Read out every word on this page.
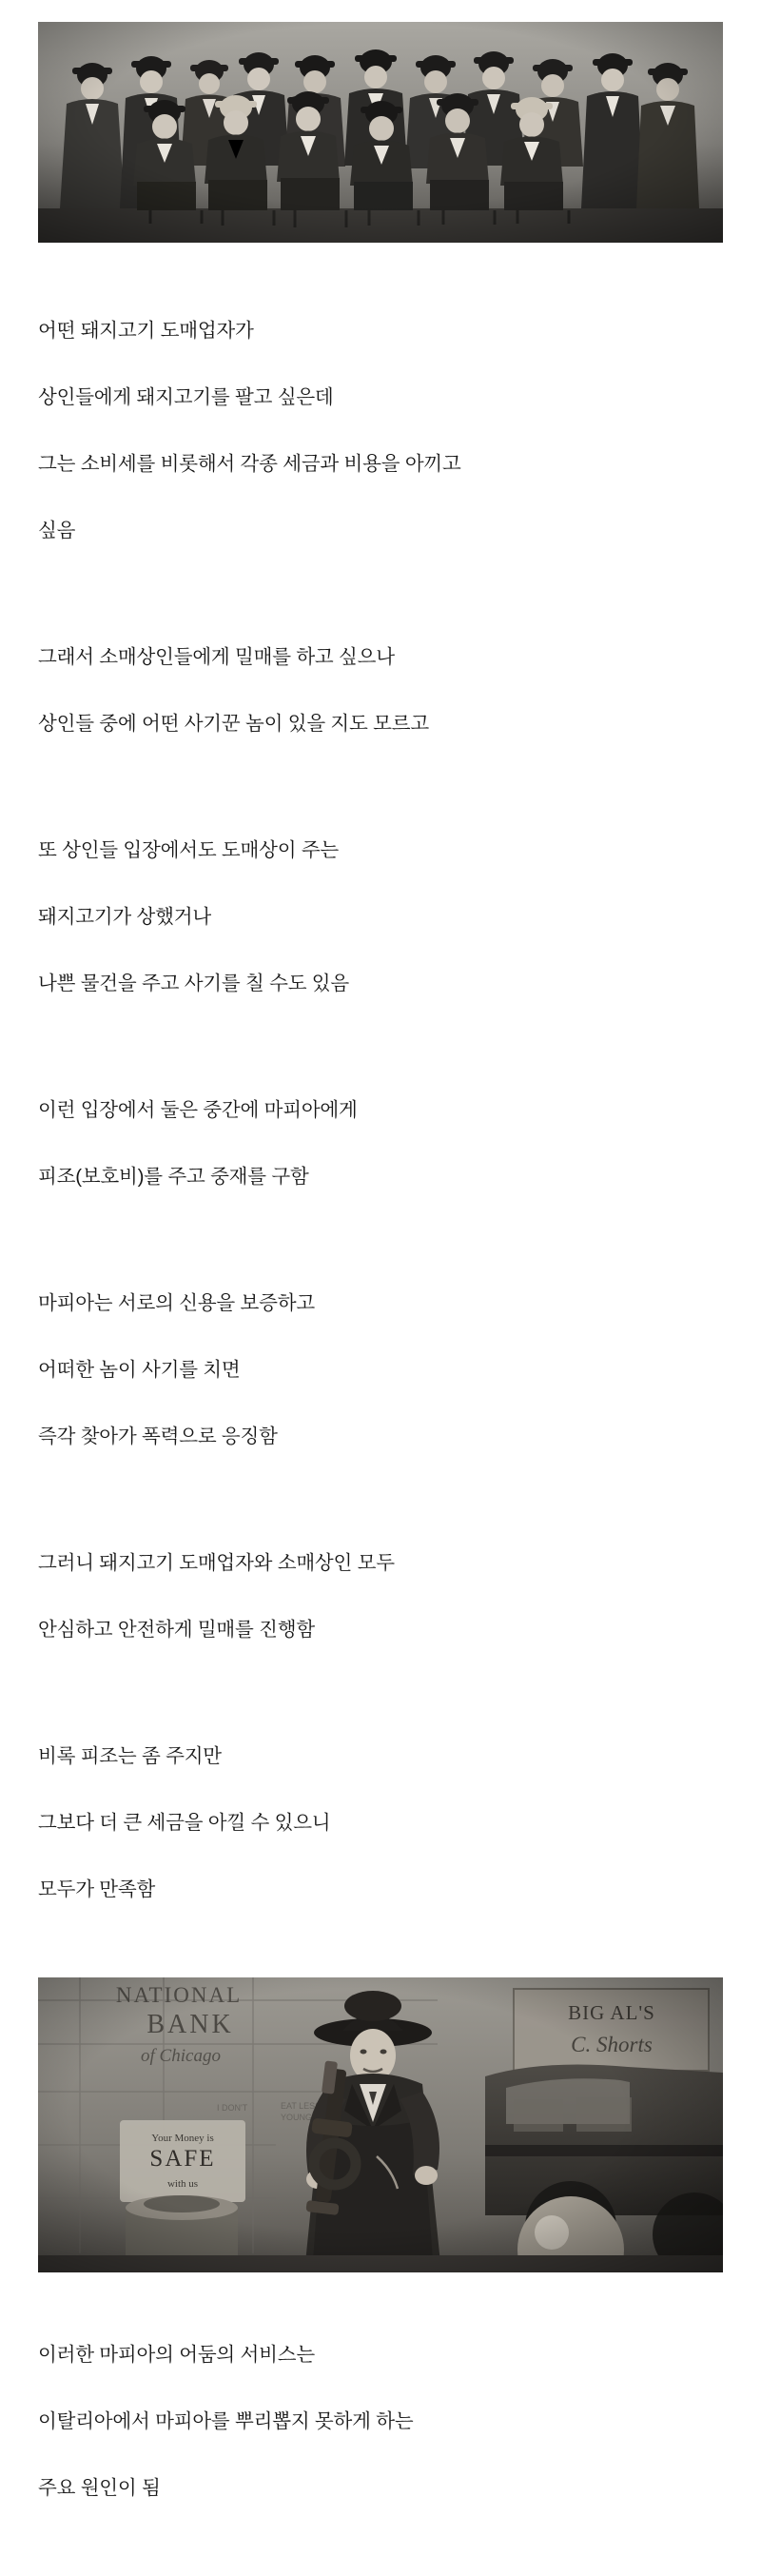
어떤 돼지고기 도매업자가

상인들에게 돼지고기를 팔고 싶은데

그는 소비세를 비롯해서 각종 세금과 비용을 아끼고

싶음

그래서 소매상인들에게 밀매를 하고 싶으나

상인들 중에 어떤 사기꾼 놈이 있을 지도 모르고

또 상인들 입장에서도 도매상이 주는

돼지고기가 상했거나

나쁜 물건을 주고 사기를 칠 수도 있음

이런 입장에서 둘은 중간에 마피아에게

피조(보호비)를 주고 중재를 구함

마피아는 서로의 신용을 보증하고

어떠한 놈이 사기를 치면

즉각 찾아가 폭력으로 응징함

그러니 돼지고기 도매업자와 소매상인 모두

안심하고 안전하게 밀매를 진행함

비록 피조는 좀 주지만

그보다 더 큰 세금을 아낄 수 있으니

모두가 만족함

이러한 마피아의 어둠의 서비스는

이탈리아에서 마피아를 뿌리뽑지 못하게 하는

주요 원인이 됨
